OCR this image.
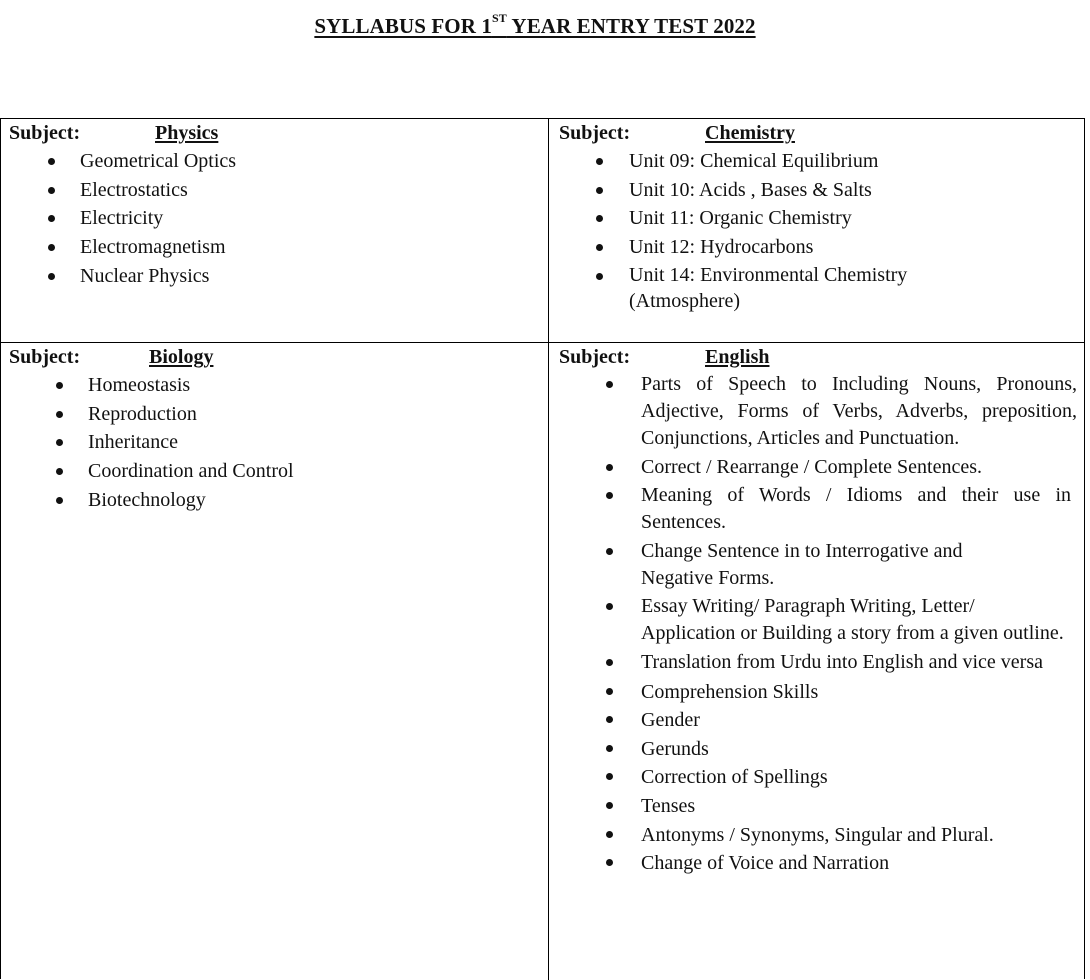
SYLLABUS FOR 1ST YEAR ENTRY TEST 2022
Subject:	Physics
Geometrical Optics
Electrostatics
Electricity
Electromagnetism
Nuclear Physics
Subject:	Chemistry
Unit 09: Chemical Equilibrium
Unit 10: Acids , Bases & Salts
Unit 11: Organic Chemistry
Unit 12: Hydrocarbons
Unit 14: Environmental Chemistry (Atmosphere)
Subject:	Biology
Homeostasis
Reproduction
Inheritance
Coordination and Control
Biotechnology
Subject:	English
Parts of Speech to Including Nouns, Pronouns, Adjective, Forms of Verbs, Adverbs, preposition, Conjunctions, Articles and Punctuation.
Correct / Rearrange / Complete Sentences.
Meaning of Words / Idioms and their use in Sentences.
Change Sentence in to Interrogative and Negative Forms.
Essay Writing/ Paragraph Writing, Letter/ Application or Building a story from a given outline.
Translation from Urdu into English and vice versa
Comprehension Skills
Gender
Gerunds
Correction of Spellings
Tenses
Antonyms / Synonyms, Singular and Plural.
Change of Voice and Narration
